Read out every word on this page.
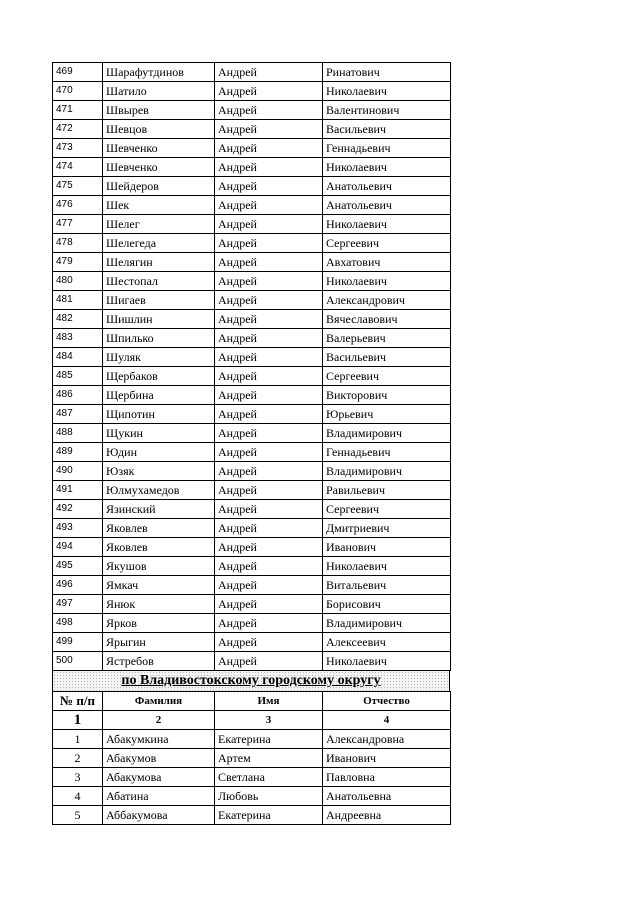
469	Шарафутдинов	Андрей	Ринатович
470	Шатило	Андрей	Николаевич
471	Швырев	Андрей	Валентинович
472	Шевцов	Андрей	Васильевич
473	Шевченко	Андрей	Геннадьевич
474	Шевченко	Андрей	Николаевич
475	Шейдеров	Андрей	Анатольевич
476	Шек	Андрей	Анатольевич
477	Шелег	Андрей	Николаевич
478	Шелегеда	Андрей	Сергеевич
479	Шелягин	Андрей	Авхатович
480	Шестопал	Андрей	Николаевич
481	Шигаев	Андрей	Александрович
482	Шишлин	Андрей	Вячеславович
483	Шпилько	Андрей	Валерьевич
484	Шуляк	Андрей	Васильевич
485	Щербаков	Андрей	Сергеевич
486	Щербина	Андрей	Викторович
487	Щипотин	Андрей	Юрьевич
488	Щукин	Андрей	Владимирович
489	Юдин	Андрей	Геннадьевич
490	Юзяк	Андрей	Владимирович
491	Юлмухамедов	Андрей	Равильевич
492	Язинский	Андрей	Сергеевич
493	Яковлев	Андрей	Дмитриевич
494	Яковлев	Андрей	Иванович
495	Якушов	Андрей	Николаевич
496	Ямкач	Андрей	Витальевич
497	Янюк	Андрей	Борисович
498	Ярков	Андрей	Владимирович
499	Ярыгин	Андрей	Алексеевич
500	Ястребов	Андрей	Николаевич
по Владивостокскому городскому округу
№ п/п	Фамилия	Имя	Отчество
1	2	3	4
1	Абакумкина	Екатерина	Александровна
2	Абакумов	Артем	Иванович
3	Абакумова	Светлана	Павловна
4	Абатина	Любовь	Анатольевна
5	Аббакумова	Екатерина	Андреевна
